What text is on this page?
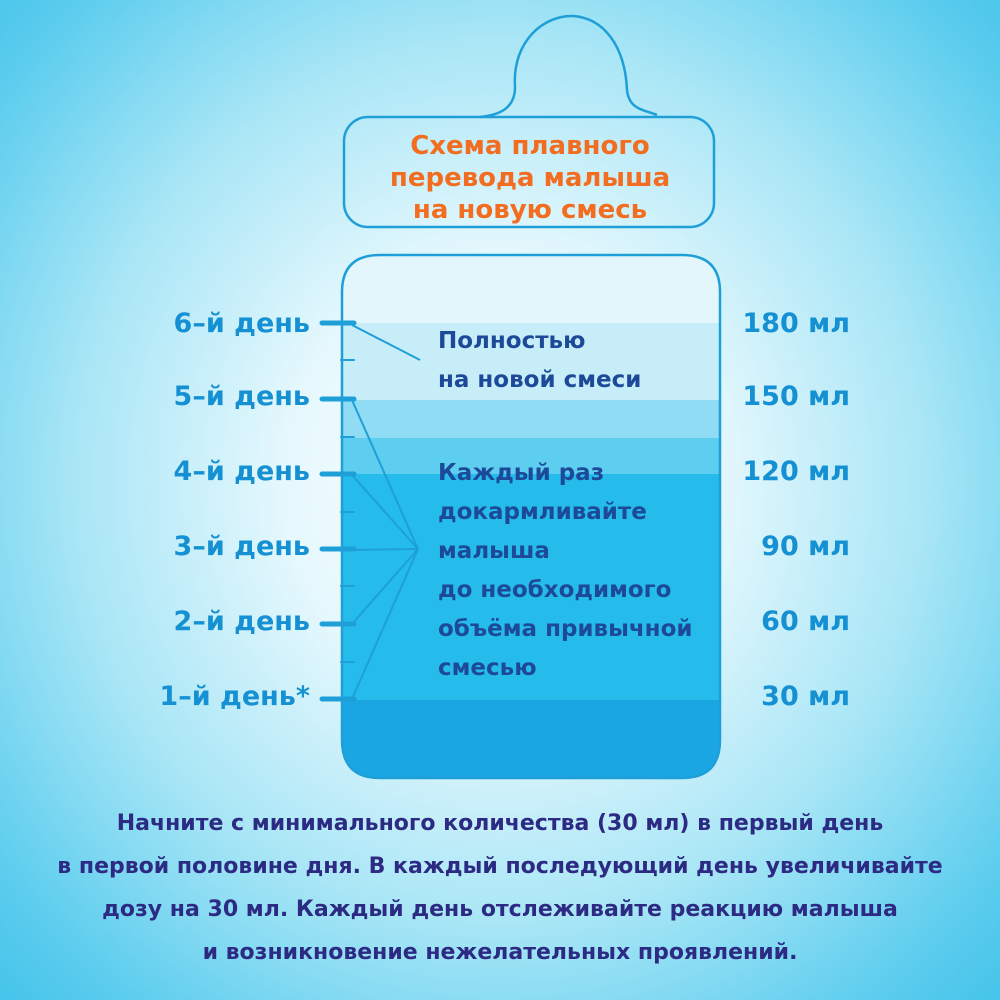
Схема плавного
перевода малыша
на новую смесь
6–й день
5–й день
4–й день
3–й день
2–й день
1–й день*
180 мл
150 мл
120 мл
90 мл
60 мл
30 мл
Полностью
на новой смеси
Каждый раз
докармливайте
малыша
до необходимого
объёма привычной
смесью
Начните с минимального количества (30 мл) в первый день
в первой половине дня. В каждый последующий день увеличивайте
дозу на 30 мл. Каждый день отслеживайте реакцию малыша
и возникновение нежелательных проявлений.
